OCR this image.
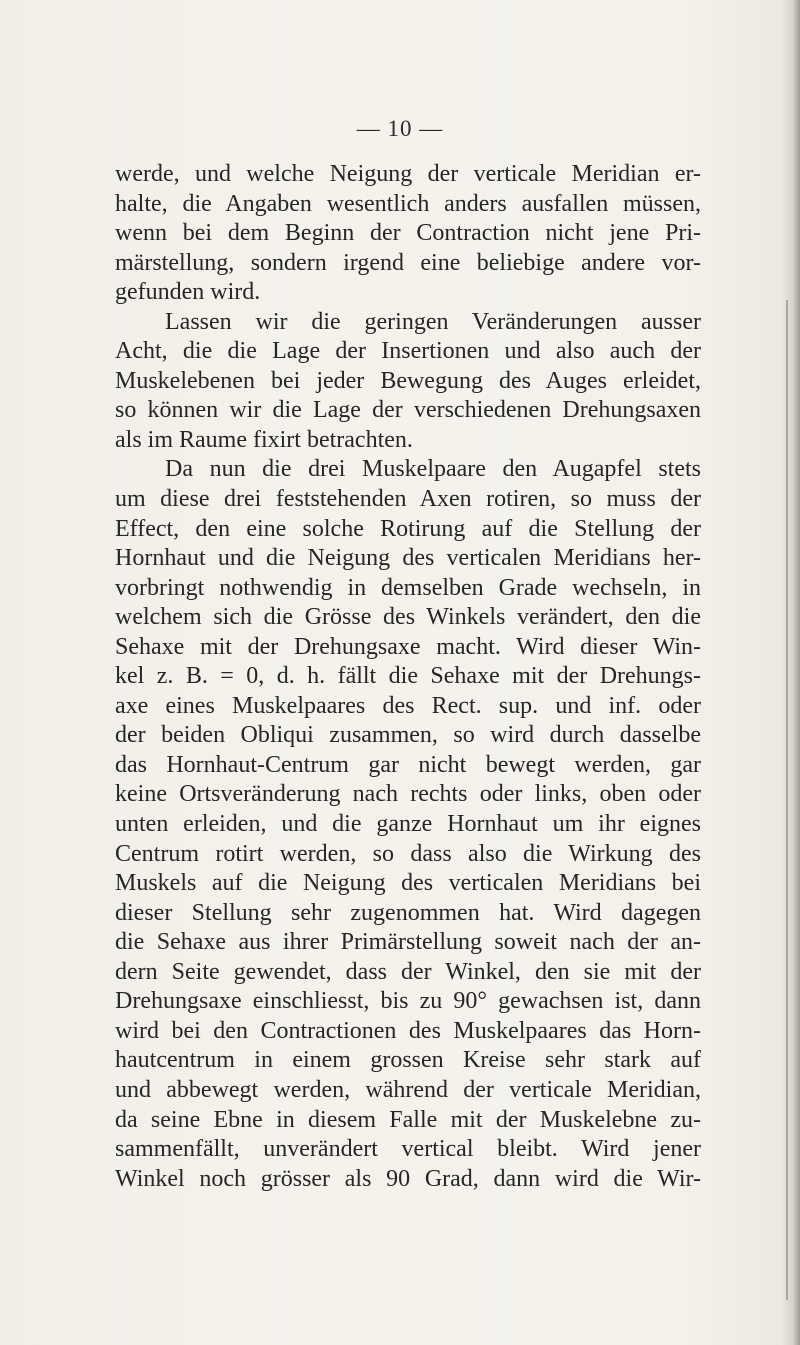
— 10 —
werde, und welche Neigung der verticale Meridian er-
halte, die Angaben wesentlich anders ausfallen müssen,
wenn bei dem Beginn der Contraction nicht jene Pri-
märstellung, sondern irgend eine beliebige andere vor-
gefunden wird.
Lassen wir die geringen Veränderungen ausser
Acht, die die Lage der Insertionen und also auch der
Muskelebenen bei jeder Bewegung des Auges erleidet,
so können wir die Lage der verschiedenen Drehungsaxen
als im Raume fixirt betrachten.
Da nun die drei Muskelpaare den Augapfel stets
um diese drei feststehenden Axen rotiren, so muss der
Effect, den eine solche Rotirung auf die Stellung der
Hornhaut und die Neigung des verticalen Meridians her-
vorbringt nothwendig in demselben Grade wechseln, in
welchem sich die Grösse des Winkels verändert, den die
Sehaxe mit der Drehungsaxe macht. Wird dieser Win-
kel z. B. = 0, d. h. fällt die Sehaxe mit der Drehungs-
axe eines Muskelpaares des Rect. sup. und inf. oder
der beiden Obliqui zusammen, so wird durch dasselbe
das Hornhaut-Centrum gar nicht bewegt werden, gar
keine Ortsveränderung nach rechts oder links, oben oder
unten erleiden, und die ganze Hornhaut um ihr eignes
Centrum rotirt werden, so dass also die Wirkung des
Muskels auf die Neigung des verticalen Meridians bei
dieser Stellung sehr zugenommen hat. Wird dagegen
die Sehaxe aus ihrer Primärstellung soweit nach der an-
dern Seite gewendet, dass der Winkel, den sie mit der
Drehungsaxe einschliesst, bis zu 90° gewachsen ist, dann
wird bei den Contractionen des Muskelpaares das Horn-
hautcentrum in einem grossen Kreise sehr stark auf
und abbewegt werden, während der verticale Meridian,
da seine Ebne in diesem Falle mit der Muskelebne zu-
sammenfällt, unverändert vertical bleibt. Wird jener
Winkel noch grösser als 90 Grad, dann wird die Wir-
